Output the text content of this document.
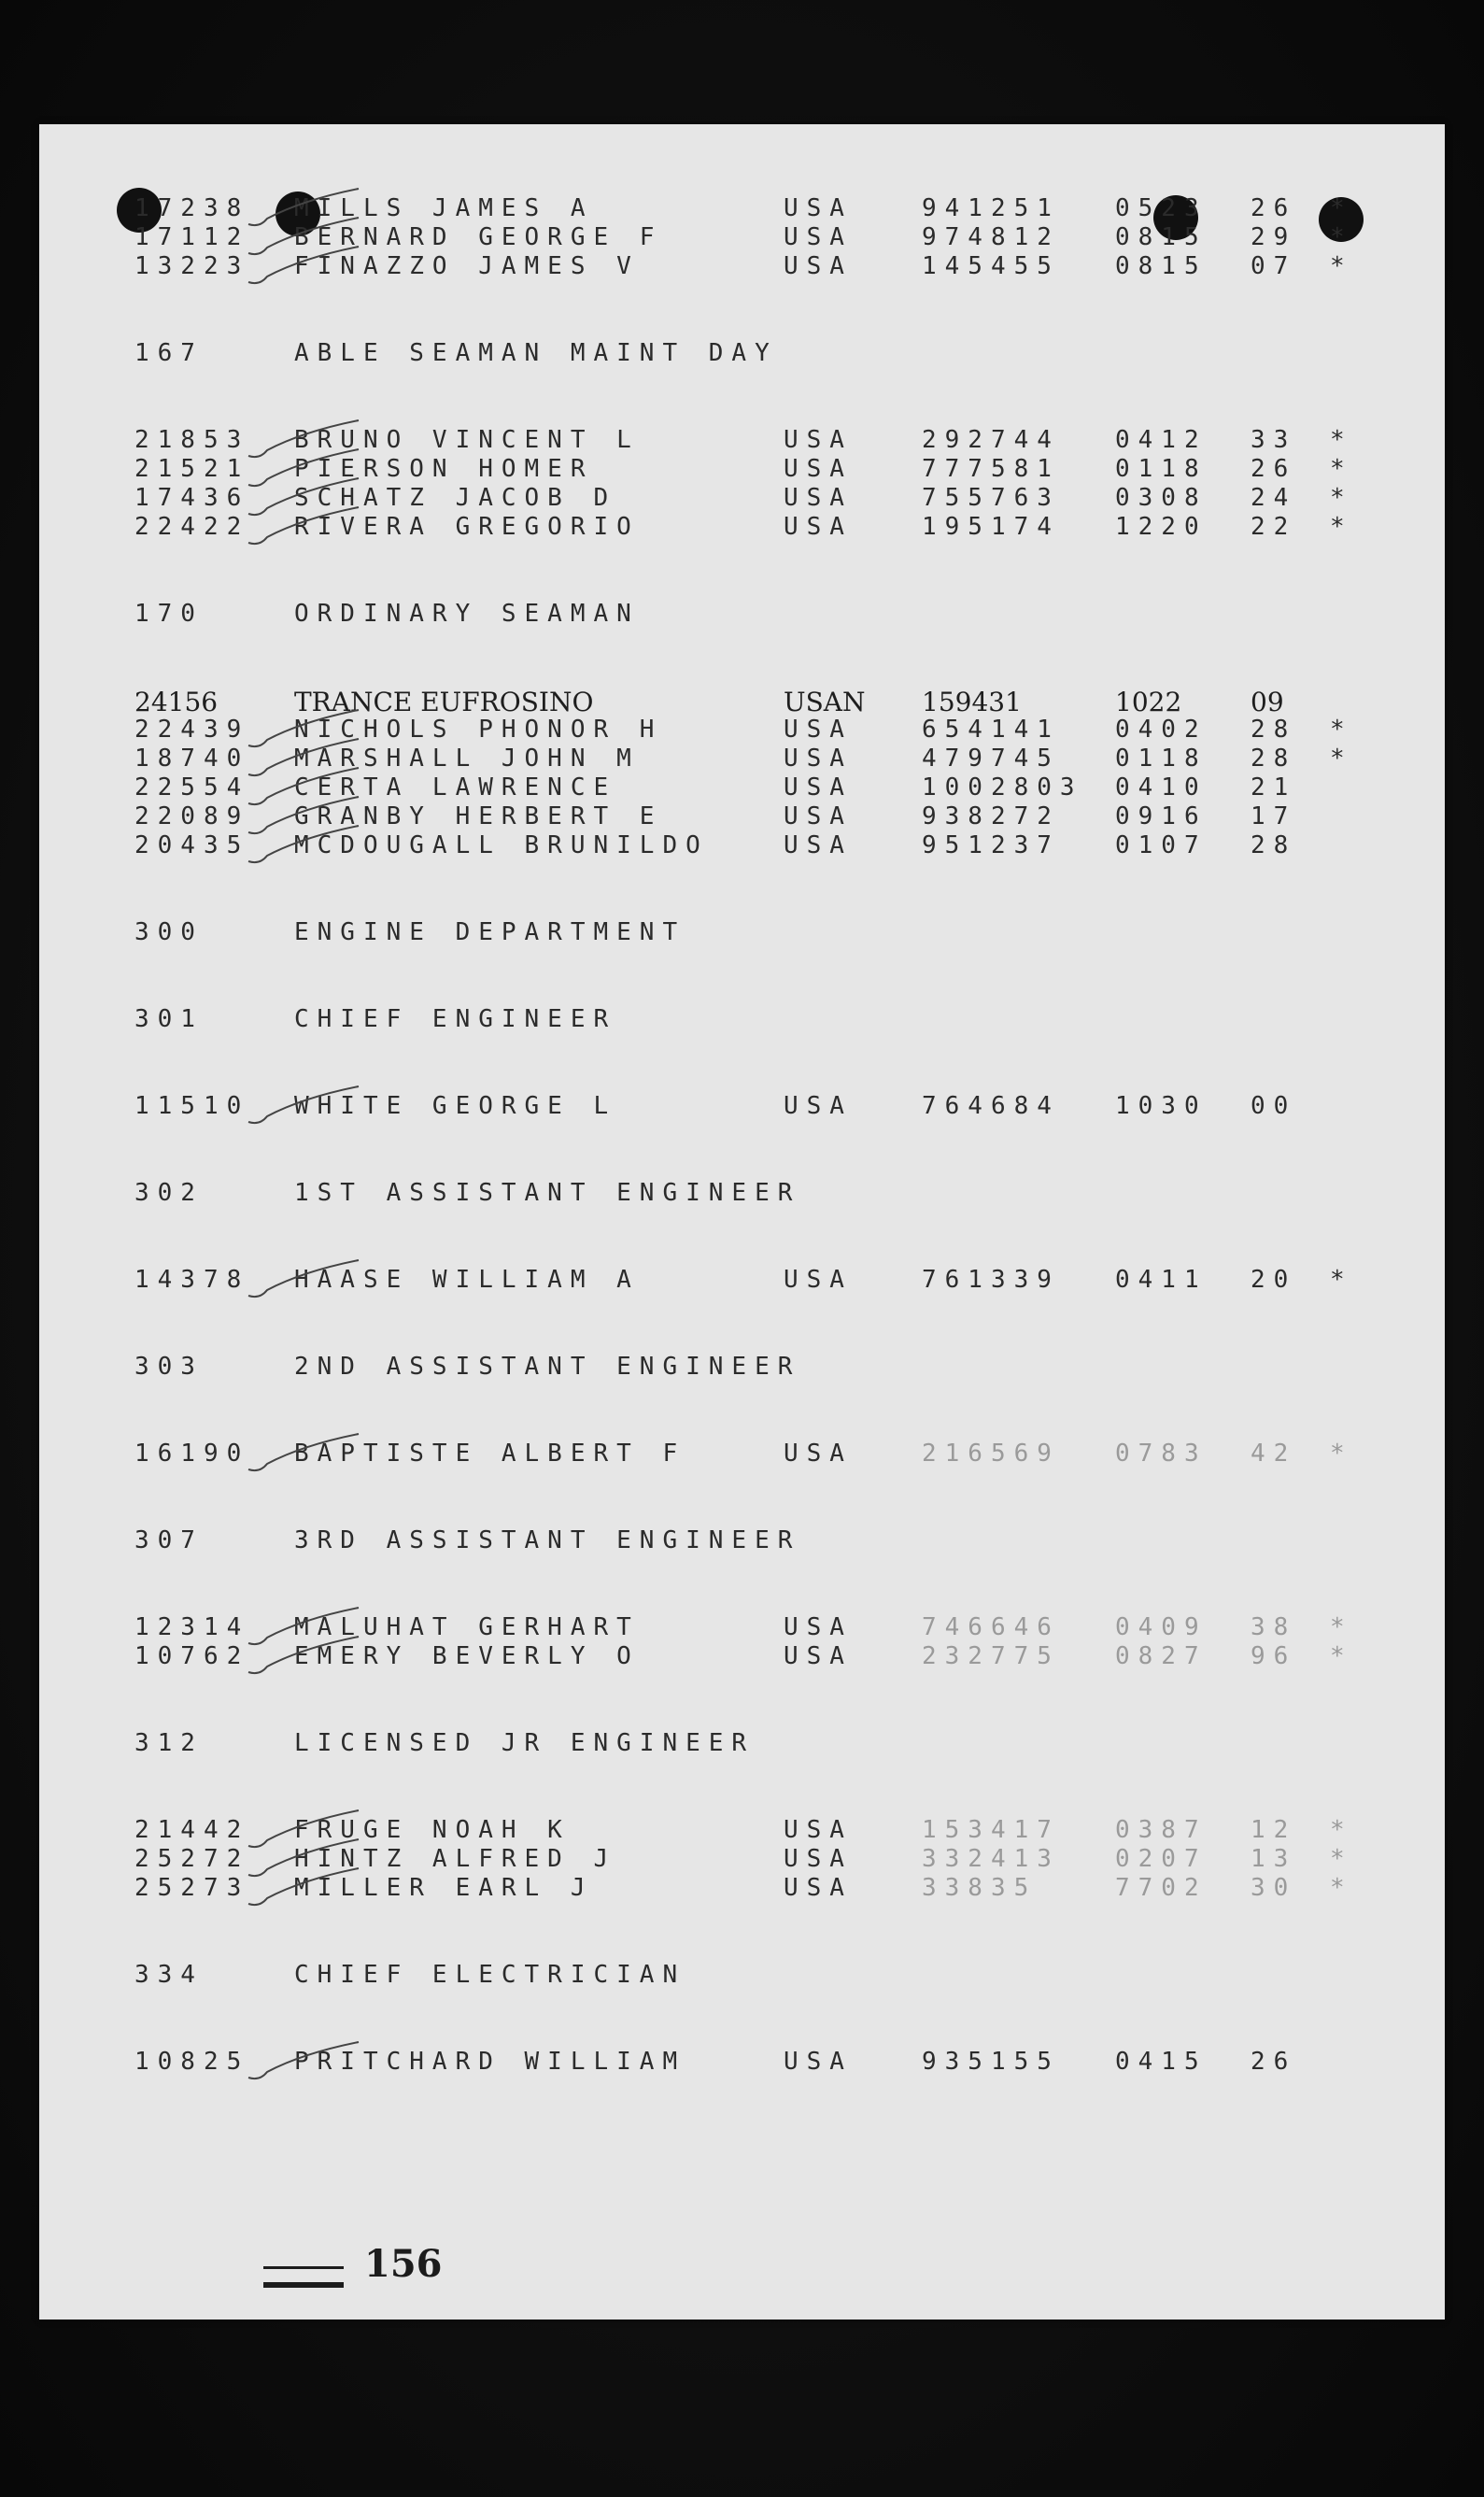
17238 MILLS JAMES A	USA	941251 0523 26 *
17112 BERNARD GEORGE F	USA	974812 0815 29 *
13223 FINAZZO JAMES V	USA	145455 0815 07 *
167	ABLE SEAMAN MAINT DAY
21853 BRUNO VINCENT L	USA	292744 0412 33 *
21521 PIERSON HOMER	USA	777581 0118 26 *
17436 SCHATZ JACOB D	USA	755763 0308 24 *
22422 RIVERA GREGORIO	USA	195174 1220 22 *
170	ORDINARY SEAMAN
24156	TRANCE EUFROSINO	USAN 159431	1022	09
22439 NICHOLS PHONOR H	USA	654141 0402 28 *
18740 MARSHALL JOHN M	USA	479745 0118 28 *
22554 CERTA LAWRENCE	USA	1002803 0410 21
22089 GRANBY HERBERT E	USA	938272 0916 17
20435 MCDOUGALL BRUNILDO	USA	951237 0107 28
300	ENGINE DEPARTMENT
301	CHIEF ENGINEER
11510 WHITE GEORGE L	USA	764684 1030 00
302	1ST ASSISTANT ENGINEER
14378 HAASE WILLIAM A	USA	761339 0411 20 *
303	2ND ASSISTANT ENGINEER
16190 BAPTISTE ALBERT F	USA	216569 0783 42 *
307	3RD ASSISTANT ENGINEER
12314 MALUHAT GERHART	USA	746646 0409 38 *
10762 EMERY BEVERLY O	USA	232775 0827 96 *
312	LICENSED JR ENGINEER
21442 FRUGE NOAH K	USA	153417 0387 12 *
25272 HINTZ ALFRED J	USA	332413 0207 13 *
25273 MILLER EARL J	USA	33835	7702 30 *
334	CHIEF ELECTRICIAN
10825 PRITCHARD WILLIAM	USA	935155 0415 26
156
